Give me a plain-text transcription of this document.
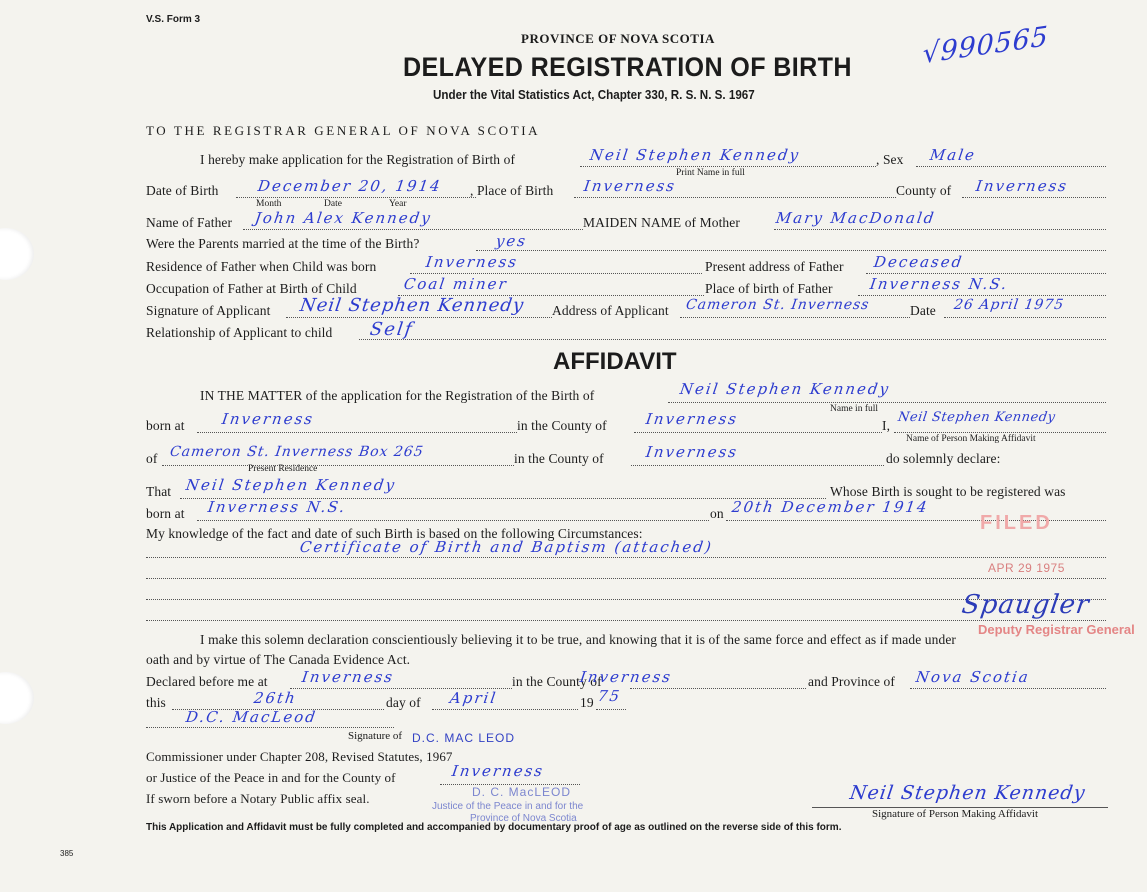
V.S. Form 3
PROVINCE OF NOVA SCOTIA
DELAYED REGISTRATION OF BIRTH
Under the Vital Statistics Act, Chapter 330, R. S. N. S. 1967
√990565
TO THE REGISTRAR GENERAL OF NOVA SCOTIA
I hereby make application for the Registration of Birth of	Neil Stephen Kennedy
Print Name in full
, Sex Male
Date of Birth	December 20, 1914
Month	Date	Year
, Place of Birth Inverness	County of Inverness
Name of Father John Alex Kennedy	MAIDEN NAME of Mother Mary MacDonald
Were the Parents married at the time of the Birth?	yes
Residence of Father when Child was born	Inverness	Present address of Father Deceased
Occupation of Father at Birth of Child	Coal miner	Place of birth of Father Inverness N.S.
Signature of Applicant Neil Stephen Kennedy Address of Applicant Cameron St. Inverness	Date 26 April 1975
Relationship of Applicant to child Self
AFFIDAVIT
IN THE MATTER of the application for the Registration of the Birth of	Neil Stephen Kennedy
Name in full
born at Inverness	in the County of	Inverness	I,
Neil Stephen Kennedy
Name of Person Making Affidavit
of Cameron St. Inverness Box 265
Present Residence
in the County of	Inverness	do solemnly declare:
That Neil Stephen Kennedy	Whose Birth is sought to be registered was
born at Inverness N.S.	on 20th December 1914
My knowledge of the fact and date of such Birth is based on the following Circumstances:
Certificate of Birth and Baptism (attached)
I make this solemn declaration conscientiously believing it to be true, and knowing that it is of the same force and effect as if made under
oath and by virtue of The Canada Evidence Act.
Declared before me at Inverness	in the County of
Inverness	and Province of Nova Scotia
this	26th	day of April	19 75
D.C. MacLeod
Signature of D.C. MAC LEOD
Commissioner under Chapter 208, Revised Statutes, 1967
or Justice of the Peace in and for the County of	Inverness
If sworn before a Notary Public affix seal.	D. C. MacLEOD
Justice of the Peace in and for the
Province of Nova Scotia
Neil Stephen Kennedy
Signature of Person Making Affidavit
FILED
APR 29 1975
Spaugler
Deputy Registrar General
This Application and Affidavit must be fully completed and accompanied by documentary proof of age as outlined on the reverse side of this form.
385
